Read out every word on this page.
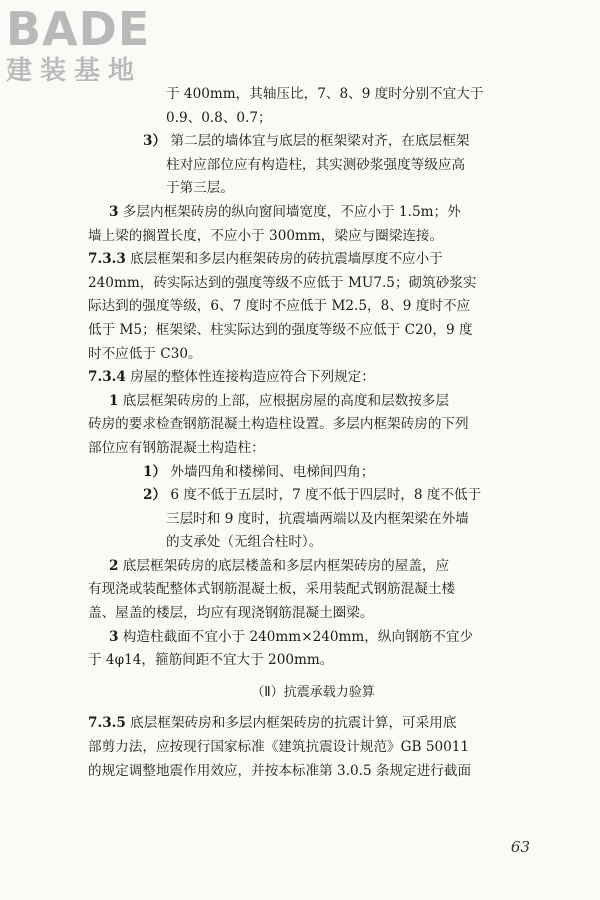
BADE
建装基地
于 400mm，其轴压比，7、8、9 度时分别不宜大于
0.9、0.8、0.7；
3） 第二层的墙体宜与底层的框架梁对齐，在底层框架
柱对应部位应有构造柱，其实测砂浆强度等级应高
于第三层。
3 多层内框架砖房的纵向窗间墙宽度，不应小于 1.5m；外
墙上梁的搁置长度，不应小于 300mm，梁应与圈梁连接。
7.3.3 底层框架和多层内框架砖房的砖抗震墙厚度不应小于
240mm，砖实际达到的强度等级不应低于 MU7.5；砌筑砂浆实
际达到的强度等级，6、7 度时不应低于 M2.5，8、9 度时不应
低于 M5；框架梁、柱实际达到的强度等级不应低于 C20，9 度
时不应低于 C30。
7.3.4 房屋的整体性连接构造应符合下列规定：
1 底层框架砖房的上部，应根据房屋的高度和层数按多层
砖房的要求检查钢筋混凝土构造柱设置。多层内框架砖房的下列
部位应有钢筋混凝土构造柱：
1） 外墙四角和楼梯间、电梯间四角；
2） 6 度不低于五层时，7 度不低于四层时，8 度不低于
三层时和 9 度时，抗震墙两端以及内框架梁在外墙
的支承处（无组合柱时）。
2 底层框架砖房的底层楼盖和多层内框架砖房的屋盖，应
有现浇或装配整体式钢筋混凝土板，采用装配式钢筋混凝土楼
盖、屋盖的楼层，均应有现浇钢筋混凝土圈梁。
3 构造柱截面不宜小于 240mm×240mm，纵向钢筋不宜少
于 4φ14，箍筋间距不宜大于 200mm。
（Ⅱ）抗震承载力验算
7.3.5 底层框架砖房和多层内框架砖房的抗震计算，可采用底
部剪力法，应按现行国家标准《建筑抗震设计规范》GB 50011
的规定调整地震作用效应，并按本标准第 3.0.5 条规定进行截面
63
